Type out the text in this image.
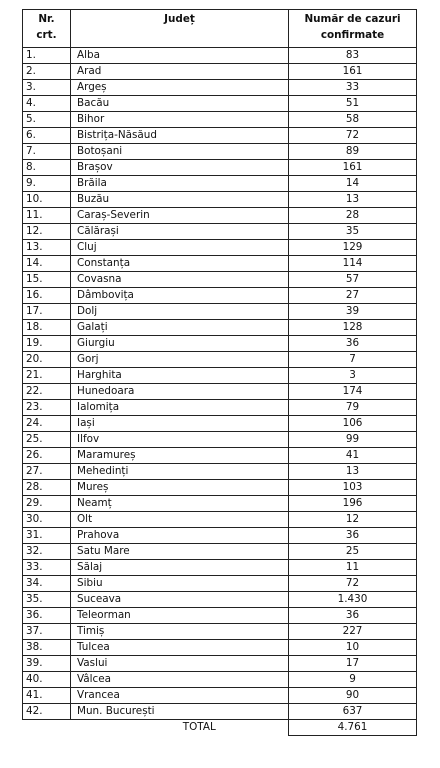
Nr.
crt.	Județ	Număr de cazuri
confirmate
1.	Alba	83
2.	Arad	161
3.	Argeș	33
4.	Bacău	51
5.	Bihor	58
6.	Bistrița-Năsăud	72
7.	Botoșani	89
8.	Brașov	161
9.	Brăila	14
10.	Buzău	13
11.	Caraș-Severin	28
12.	Călărași	35
13.	Cluj	129
14.	Constanța	114
15.	Covasna	57
16.	Dâmbovița	27
17.	Dolj	39
18.	Galați	128
19.	Giurgiu	36
20.	Gorj	7
21.	Harghita	3
22.	Hunedoara	174
23.	Ialomița	79
24.	Iași	106
25.	Ilfov	99
26.	Maramureș	41
27.	Mehedinți	13
28.	Mureș	103
29.	Neamț	196
30.	Olt	12
31.	Prahova	36
32.	Satu Mare	25
33.	Sălaj	11
34.	Sibiu	72
35.	Suceava	1.430
36.	Teleorman	36
37.	Timiș	227
38.	Tulcea	10
39.	Vaslui	17
40.	Vâlcea	9
41.	Vrancea	90
42.	Mun. București	637
	TOTAL	4.761
